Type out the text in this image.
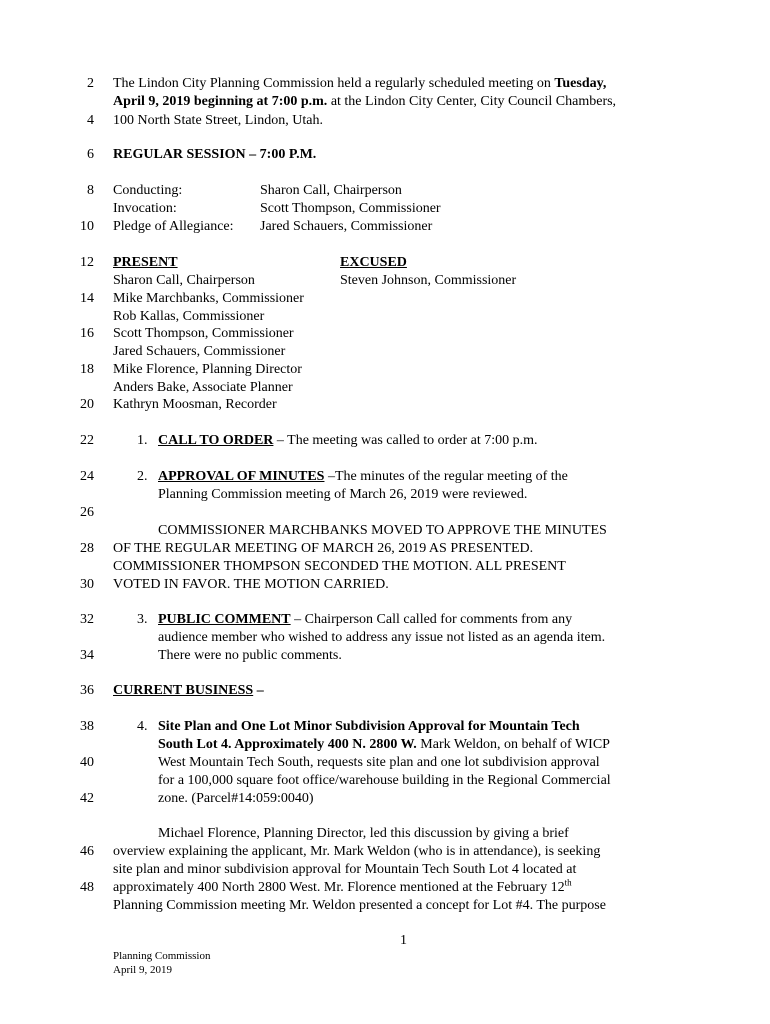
2
4
6
8
10
12
14
16
18
20
22
24
26
28
30
32
34
36
38
40
42
46
48
The Lindon City Planning Commission held a regularly scheduled meeting on Tuesday,
April 9, 2019 beginning at 7:00 p.m. at the Lindon City Center, City Council Chambers,
100 North State Street, Lindon, Utah.
REGULAR SESSION – 7:00 P.M.
Conducting:	Sharon Call, Chairperson
Invocation:	Scott Thompson, Commissioner
Pledge of Allegiance: Jared Schauers, Commissioner
PRESENT	EXCUSED
Sharon Call, Chairperson	Steven Johnson, Commissioner
Mike Marchbanks, Commissioner
Rob Kallas, Commissioner
Scott Thompson, Commissioner
Jared Schauers, Commissioner
Mike Florence, Planning Director
Anders Bake, Associate Planner
Kathryn Moosman, Recorder
1. CALL TO ORDER – The meeting was called to order at 7:00 p.m.
2. APPROVAL OF MINUTES –The minutes of the regular meeting of the
Planning Commission meeting of March 26, 2019 were reviewed.
COMMISSIONER MARCHBANKS MOVED TO APPROVE THE MINUTES
OF THE REGULAR MEETING OF MARCH 26, 2019 AS PRESENTED.
COMMISSIONER THOMPSON SECONDED THE MOTION. ALL PRESENT
VOTED IN FAVOR. THE MOTION CARRIED.
3. PUBLIC COMMENT – Chairperson Call called for comments from any
audience member who wished to address any issue not listed as an agenda item.
There were no public comments.
CURRENT BUSINESS –
4. Site Plan and One Lot Minor Subdivision Approval for Mountain Tech
South Lot 4. Approximately 400 N. 2800 W. Mark Weldon, on behalf of WICP
West Mountain Tech South, requests site plan and one lot subdivision approval
for a 100,000 square foot office/warehouse building in the Regional Commercial
zone. (Parcel#14:059:0040)
Michael Florence, Planning Director, led this discussion by giving a brief
overview explaining the applicant, Mr. Mark Weldon (who is in attendance), is seeking
site plan and minor subdivision approval for Mountain Tech South Lot 4 located at
approximately 400 North 2800 West. Mr. Florence mentioned at the February 12th
Planning Commission meeting Mr. Weldon presented a concept for Lot #4. The purpose
1
Planning Commission
April 9, 2019
